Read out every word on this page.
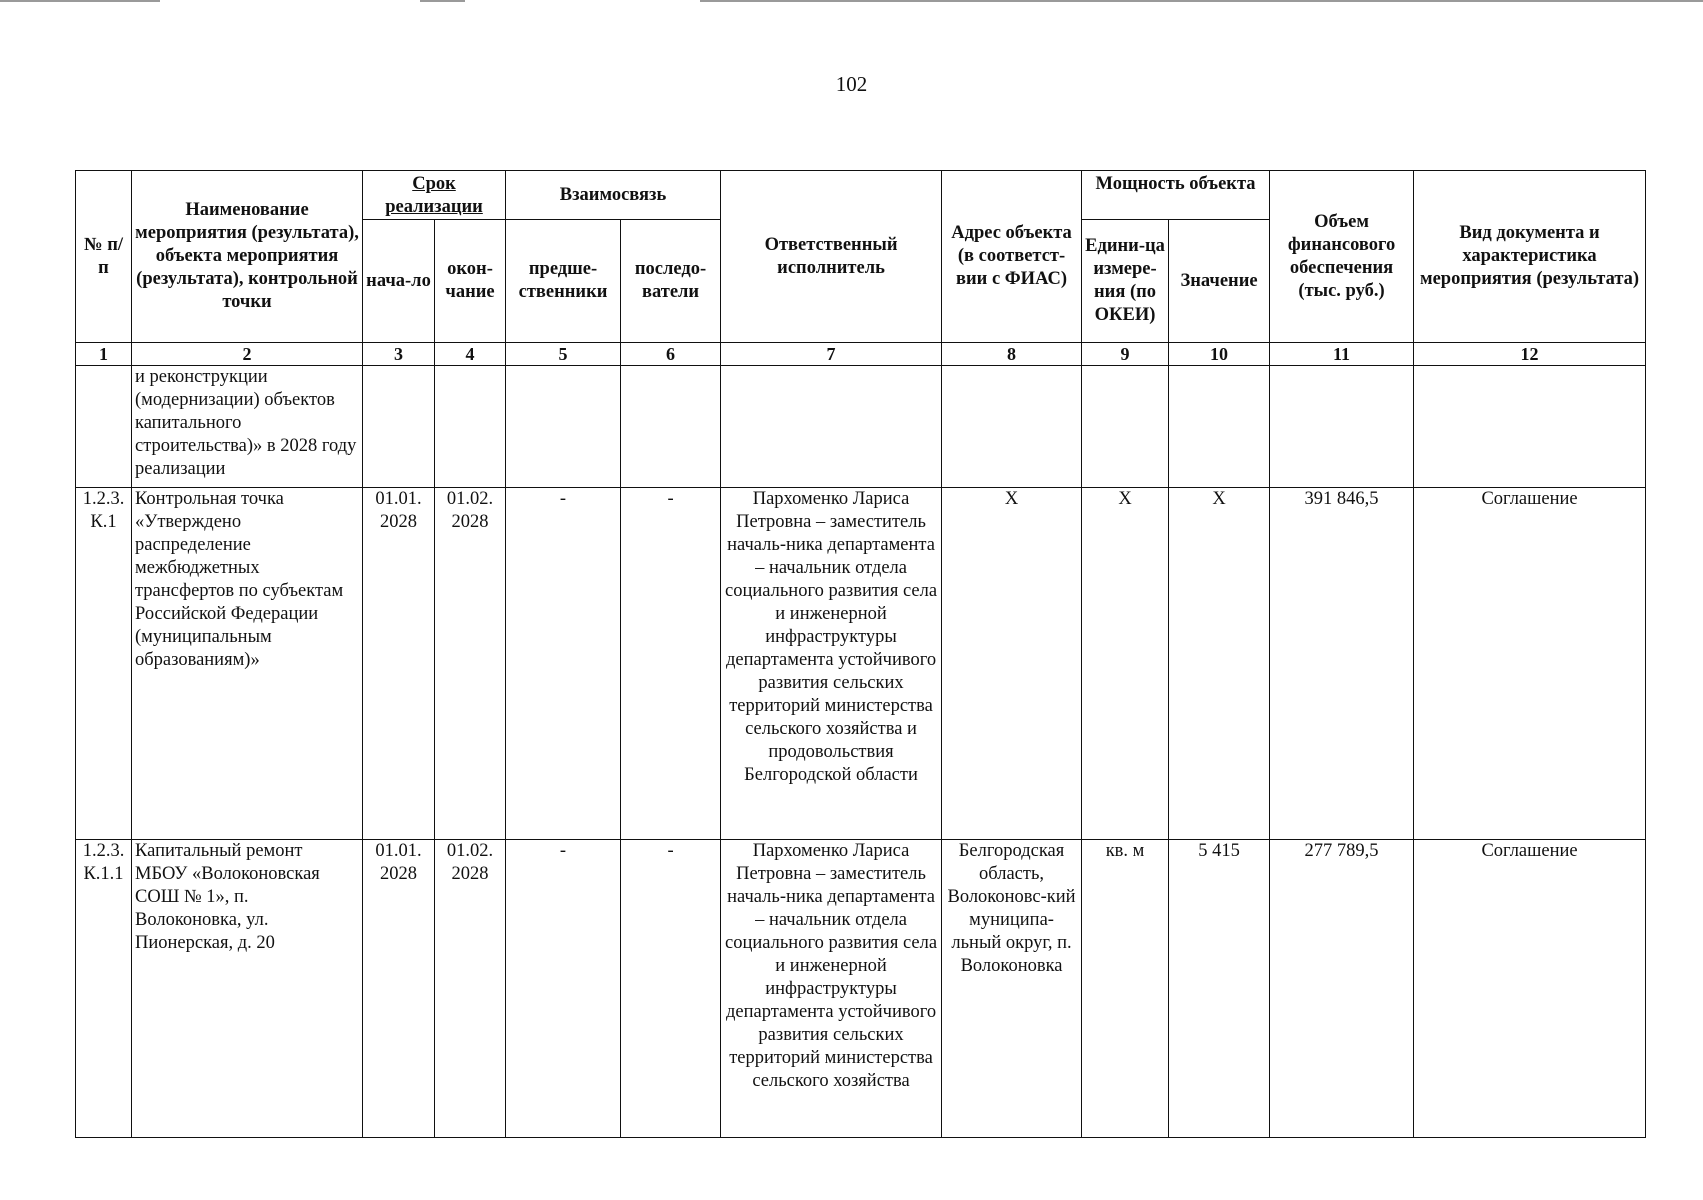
102
№ п/п	Наименование мероприятия (результата), объекта мероприятия (результата), контрольной точки	Срок реализации		Взаимосвязь		Ответственный исполнитель	Адрес объекта (в соответст-вии с ФИАС)	Мощность объекта		Объем финансового обеспечения (тыс. руб.)	Вид документа и характеристика мероприятия (результата)
		нача-ло	окон-чание	предше-ственники	последо-ватели			Едини-ца измере-ния (по ОКЕИ)	Значение		
1	2	3	4	5	6	7	8	9	10	11	12
	и реконструкции (модернизации) объектов капитального строительства)» в 2028 году реализации										
1.2.3. К.1	Контрольная точка «Утверждено распределение межбюджетных трансфертов по субъектам Российской Федерации (муниципальным образованиям)»	01.01. 2028	01.02. 2028	-	-	Пархоменко Лариса Петровна – заместитель началь-ника департамента – начальник отдела социального развития села и инженерной инфраструктуры департамента устойчивого развития сельских территорий министерства сельского хозяйства и продовольствия Белгородской области	Х	Х	Х	391 846,5	Соглашение
1.2.3. К.1.1	Капитальный ремонт МБОУ «Волоконовская СОШ № 1», п. Волоконовка, ул. Пионерская, д. 20	01.01. 2028	01.02. 2028	-	-	Пархоменко Лариса Петровна – заместитель началь-ника департамента – начальник отдела социального развития села и инженерной инфраструктуры департамента устойчивого развития сельских территорий министерства сельского хозяйства	Белгородская область, Волоконовс-кий муниципа-льный округ, п. Волоконовка	кв. м	5 415	277 789,5	Соглашение
